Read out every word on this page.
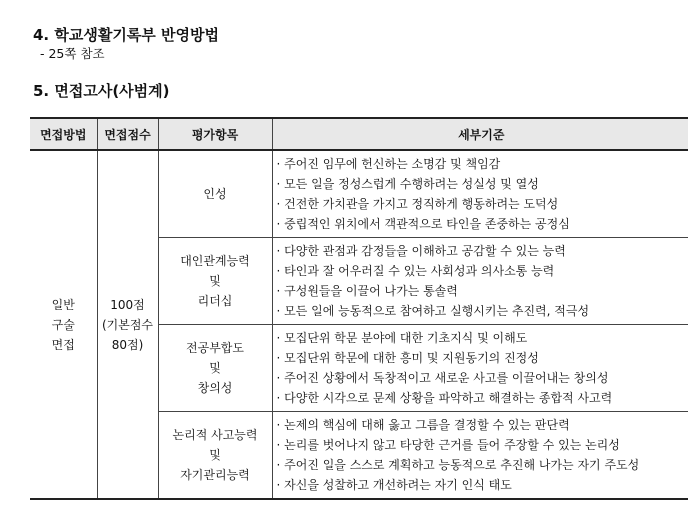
4. 학교생활기록부 반영방법
- 25쪽 참조
5. 면접고사(사범계)
면접방법	면접점수	평가항목	세부기준

일반
구술
면접	100점
(기본점수
80점)	인성	· 주어진 임무에 헌신하는 소명감 및 책임감
· 모든 일을 정성스럽게 수행하려는 성실성 및 열성
· 건전한 가치관을 가지고 정직하게 행동하려는 도덕성
· 중립적인 위치에서 객관적으로 타인을 존중하는 공정심

		대인관계능력
및
리더십	· 다양한 관점과 감정들을 이해하고 공감할 수 있는 능력
· 타인과 잘 어우러질 수 있는 사회성과 의사소통 능력
· 구성원들을 이끌어 나가는 통솔력
· 모든 일에 능동적으로 참여하고 실행시키는 추진력, 적극성

		전공부합도
및
창의성	· 모집단위 학문 분야에 대한 기초지식 및 이해도
· 모집단위 학문에 대한 흥미 및 지원동기의 진정성
· 주어진 상황에서 독창적이고 새로운 사고를 이끌어내는 창의성
· 다양한 시각으로 문제 상황을 파악하고 해결하는 종합적 사고력

		논리적 사고능력
및
자기관리능력	· 논제의 핵심에 대해 옳고 그름을 결정할 수 있는 판단력
· 논리를 벗어나지 않고 타당한 근거를 들어 주장할 수 있는 논리성
· 주어진 일을 스스로 계획하고 능동적으로 추진해 나가는 자기 주도성
· 자신을 성찰하고 개선하려는 자기 인식 태도
